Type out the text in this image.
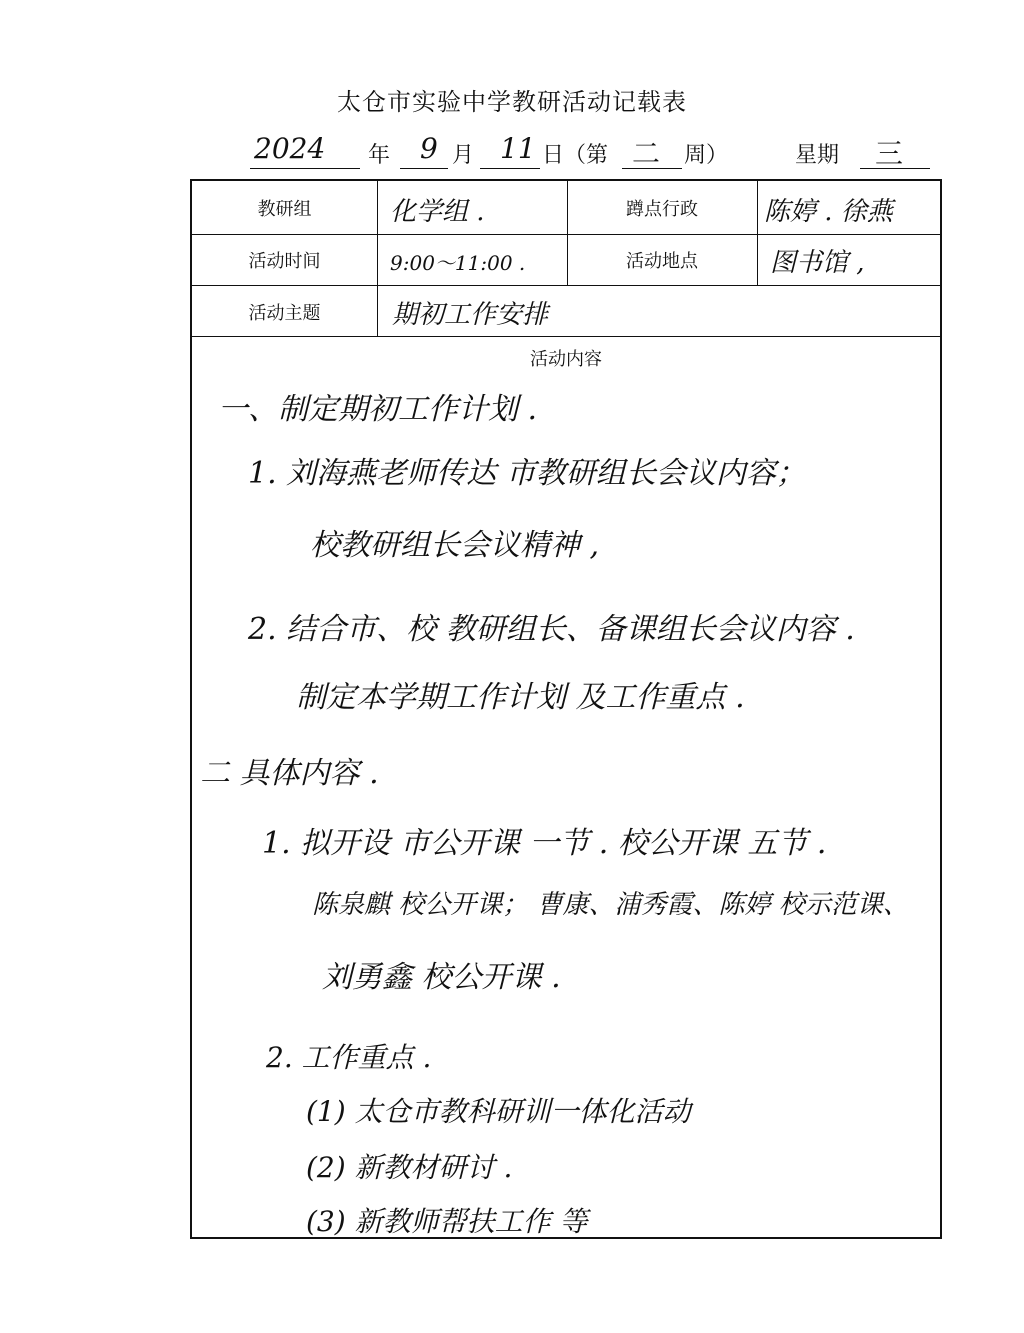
太仓市实验中学教研活动记载表
2024 年 9 月 11 日（第 二 周）	星期 三
教研组	化学组 .	蹲点行政	陈婷 . 徐燕
活动时间	9:00～11:00 .	活动地点	图书馆 ,
活动主题	期初工作安排
活动内容
一、制定期初工作计划 .
1. 刘海燕老师传达 市教研组长会议内容；
校教研组长会议精神 ,
2. 结合市、校 教研组长、备课组长会议内容 .
制定本学期工作计划 及工作重点 .
二 具体内容 .
1. 拟开设 市公开课 一节 . 校公开课 五节 .
陈泉麒 校公开课； 曹康、浦秀霞、陈婷 校示范课、
刘勇鑫 校公开课 .
2. 工作重点 .
(1) 太仓市教科研训一体化活动
(2) 新教材研讨 .
(3) 新教师帮扶工作 等
